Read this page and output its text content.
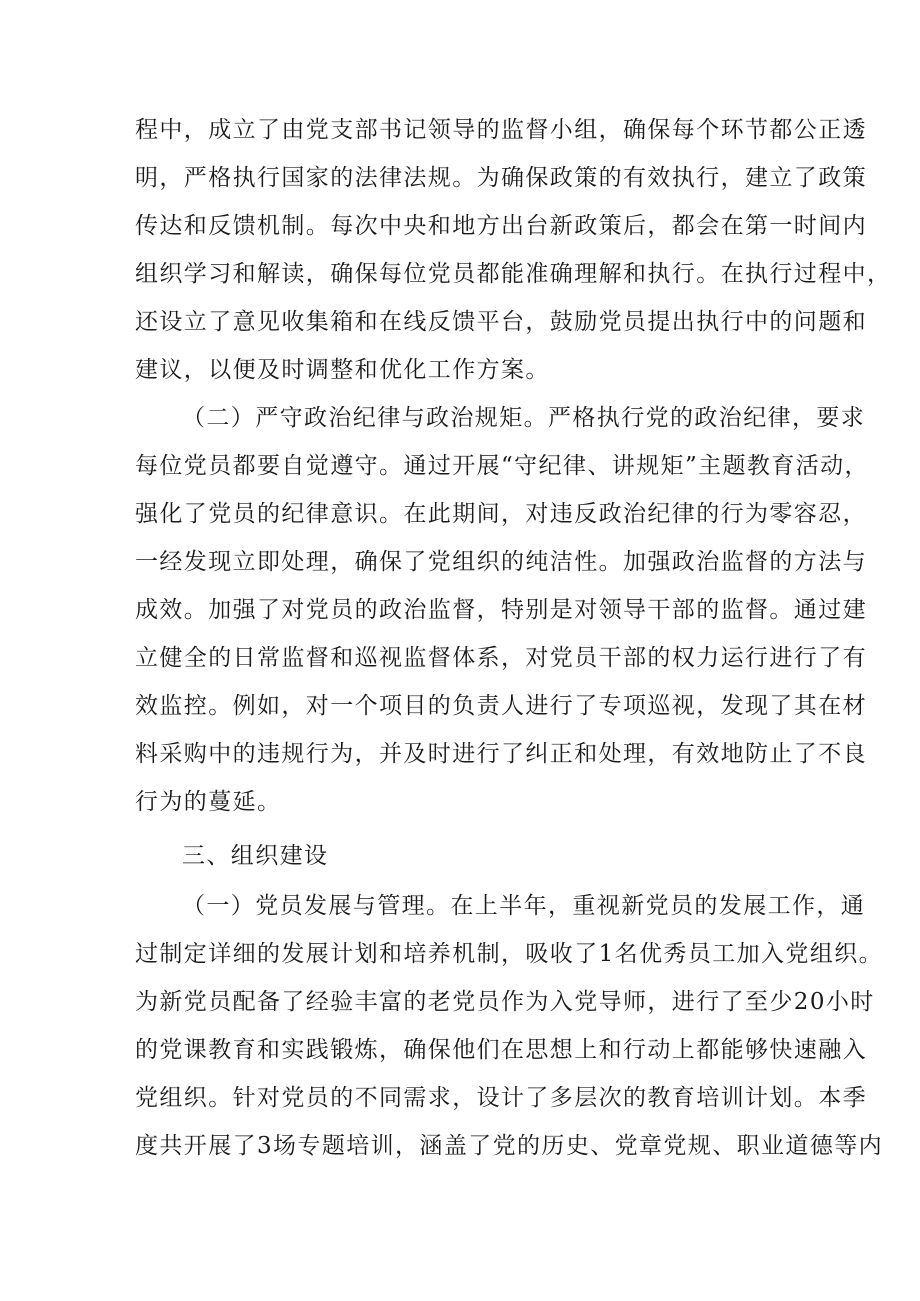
程中，成立了由党支部书记领导的监督小组，确保每个环节都公正透
明，严格执行国家的法律法规。为确保政策的有效执行，建立了政策
传达和反馈机制。每次中央和地方出台新政策后，都会在第一时间内
组织学习和解读，确保每位党员都能准确理解和执行。在执行过程中，
还设立了意见收集箱和在线反馈平台，鼓励党员提出执行中的问题和
建议，以便及时调整和优化工作方案。
（二）严守政治纪律与政治规矩。严格执行党的政治纪律，要求
每位党员都要自觉遵守。通过开展“守纪律、讲规矩”主题教育活动，
强化了党员的纪律意识。在此期间，对违反政治纪律的行为零容忍，
一经发现立即处理，确保了党组织的纯洁性。加强政治监督的方法与
成效。加强了对党员的政治监督，特别是对领导干部的监督。通过建
立健全的日常监督和巡视监督体系，对党员干部的权力运行进行了有
效监控。例如，对一个项目的负责人进行了专项巡视，发现了其在材
料采购中的违规行为，并及时进行了纠正和处理，有效地防止了不良
行为的蔓延。
三、组织建设
（一）党员发展与管理。在上半年，重视新党员的发展工作，通
过制定详细的发展计划和培养机制，吸收了1名优秀员工加入党组织。
为新党员配备了经验丰富的老党员作为入党导师，进行了至少20小时
的党课教育和实践锻炼，确保他们在思想上和行动上都能够快速融入
党组织。针对党员的不同需求，设计了多层次的教育培训计划。本季
度共开展了3场专题培训，涵盖了党的历史、党章党规、职业道德等内
